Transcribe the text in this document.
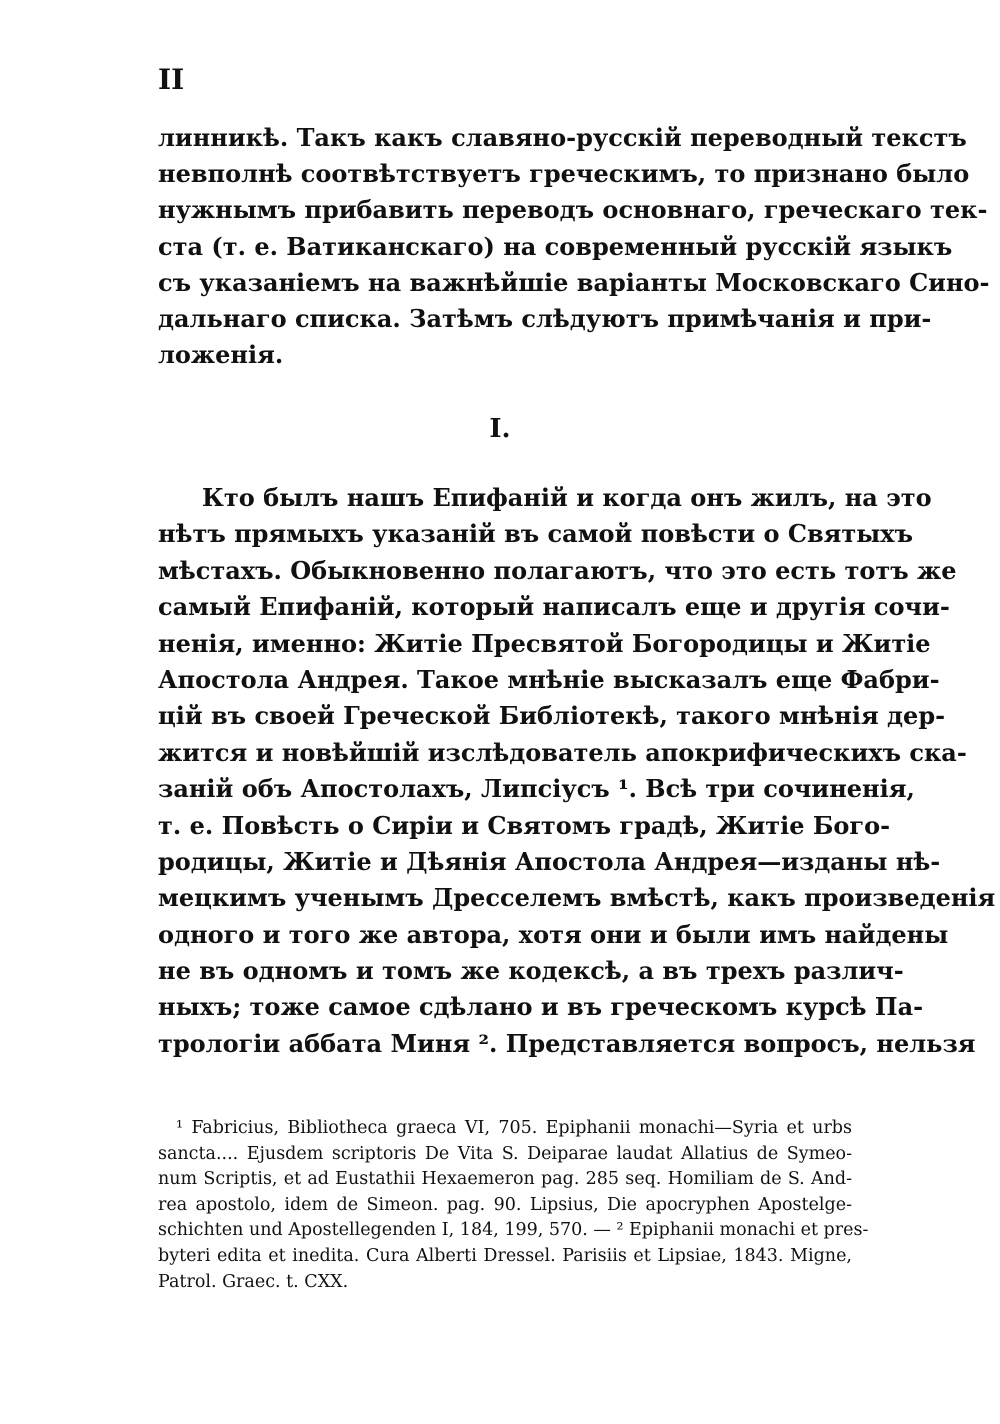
II
линникѣ. Такъ какъ славяно-русскій переводный текстъ
невполнѣ соотвѣтствуетъ греческимъ, то признано было
нужнымъ прибавить переводъ основнаго, греческаго тек-
ста (т. е. Ватиканскаго) на современный русскій языкъ
съ указаніемъ на важнѣйшіе варіанты Московскаго Сино-
дальнаго списка. Затѣмъ слѣдуютъ примѣчанія и при-
ложенія.
I.
Кто былъ нашъ Епифаній и когда онъ жилъ, на это
нѣтъ прямыхъ указаній въ самой повѣсти о Святыхъ
мѣстахъ. Обыкновенно полагаютъ, что это есть тотъ же
самый Епифаній, который написалъ еще и другія сочи-
ненія, именно: Житіе Пресвятой Богородицы и Житіе
Апостола Андрея. Такое мнѣніе высказалъ еще Фабри-
цій въ своей Греческой Библіотекѣ, такого мнѣнія дер-
жится и новѣйшій изслѣдователь апокрифическихъ ска-
заній объ Апостолахъ, Липсіусъ ¹. Всѣ три сочиненія,
т. е. Повѣсть о Сиріи и Святомъ градѣ, Житіе Бого-
родицы, Житіе и Дѣянія Апостола Андрея—изданы нѣ-
мецкимъ ученымъ Дресселемъ вмѣстѣ, какъ произведенія
одного и того же автора, хотя они и были имъ найдены
не въ одномъ и томъ же кодексѣ, а въ трехъ различ-
ныхъ; тоже самое сдѣлано и въ греческомъ курсѣ Па-
трологіи аббата Миня ². Представляется вопросъ, нельзя
¹ Fabricius, Bibliotheca graeca VI, 705. Epiphanii monachi—Syria et urbs
sancta.... Ejusdem scriptoris De Vita S. Deiparae laudat Allatius de Symeo-
num Scriptis, et ad Eustathii Hexaemeron pag. 285 seq. Homiliam de S. And-
rea apostolo, idem de Simeon. pag. 90. Lipsius, Die apocryphen Apostelge-
schichten und Apostellegenden I, 184, 199, 570. — ² Epiphanii monachi et pres-
byteri edita et inedita. Cura Alberti Dressel. Parisiis et Lipsiae, 1843. Migne,
Patrol. Graec. t. CXX.
